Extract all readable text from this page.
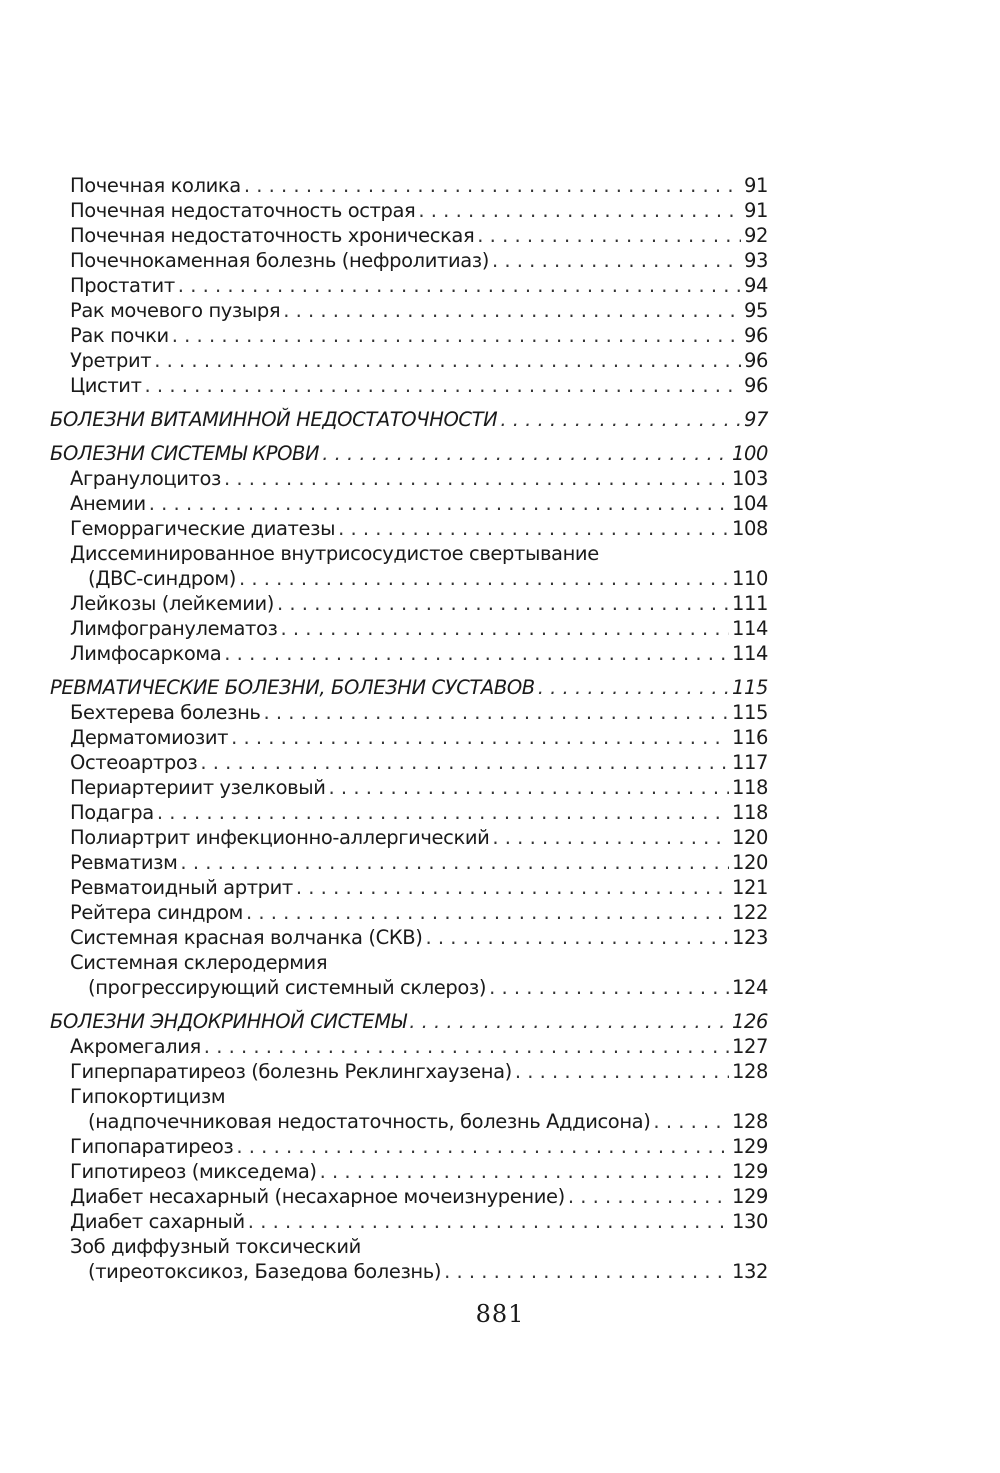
Почечная колика . . .	91
Почечная недостаточность острая . . .	91
Почечная недостаточность хроническая . . .	92
Почечнокаменная болезнь (нефролитиаз) . . .	93
Простатит . . .	94
Рак мочевого пузыря . . .	95
Рак почки . . .	96
Уретрит . . .	96
Цистит . . .	96
БОЛЕЗНИ ВИТАМИННОЙ НЕДОСТАТОЧНОСТИ . . .	97
БОЛЕЗНИ СИСТЕМЫ КРОВИ . . .	100
Агранулоцитоз . . .	103
Анемии . . .	104
Геморрагические диатезы . . .	108
Диссеминированное внутрисосудистое свертывание
(ДВС-синдром) . . .	110
Лейкозы (лейкемии) . . .	111
Лимфогранулематоз . . .	114
Лимфосаркома . . .	114
РЕВМАТИЧЕСКИЕ БОЛЕЗНИ, БОЛЕЗНИ СУСТАВОВ . . .	115
Бехтерева болезнь . . .	115
Дерматомиозит . . .	116
Остеоартроз . . .	117
Периартериит узелковый . . .	118
Подагра . . .	118
Полиартрит инфекционно-аллергический . . .	120
Ревматизм . . .	120
Ревматоидный артрит . . .	121
Рейтера синдром . . .	122
Системная красная волчанка (СКВ) . . .	123
Системная склеродермия
(прогрессирующий системный склероз) . . .	124
БОЛЕЗНИ ЭНДОКРИННОЙ СИСТЕМЫ . . .	126
Акромегалия . . .	127
Гиперпаратиреоз (болезнь Реклингхаузена) . . .	128
Гипокортицизм
(надпочечниковая недостаточность, болезнь Аддисона) . . .	128
Гипопаратиреоз . . .	129
Гипотиреоз (микседема) . . .	129
Диабет несахарный (несахарное мочеизнурение) . . .	129
Диабет сахарный . . .	130
Зоб диффузный токсический
(тиреотоксикоз, Базедова болезнь) . . .	132
881
